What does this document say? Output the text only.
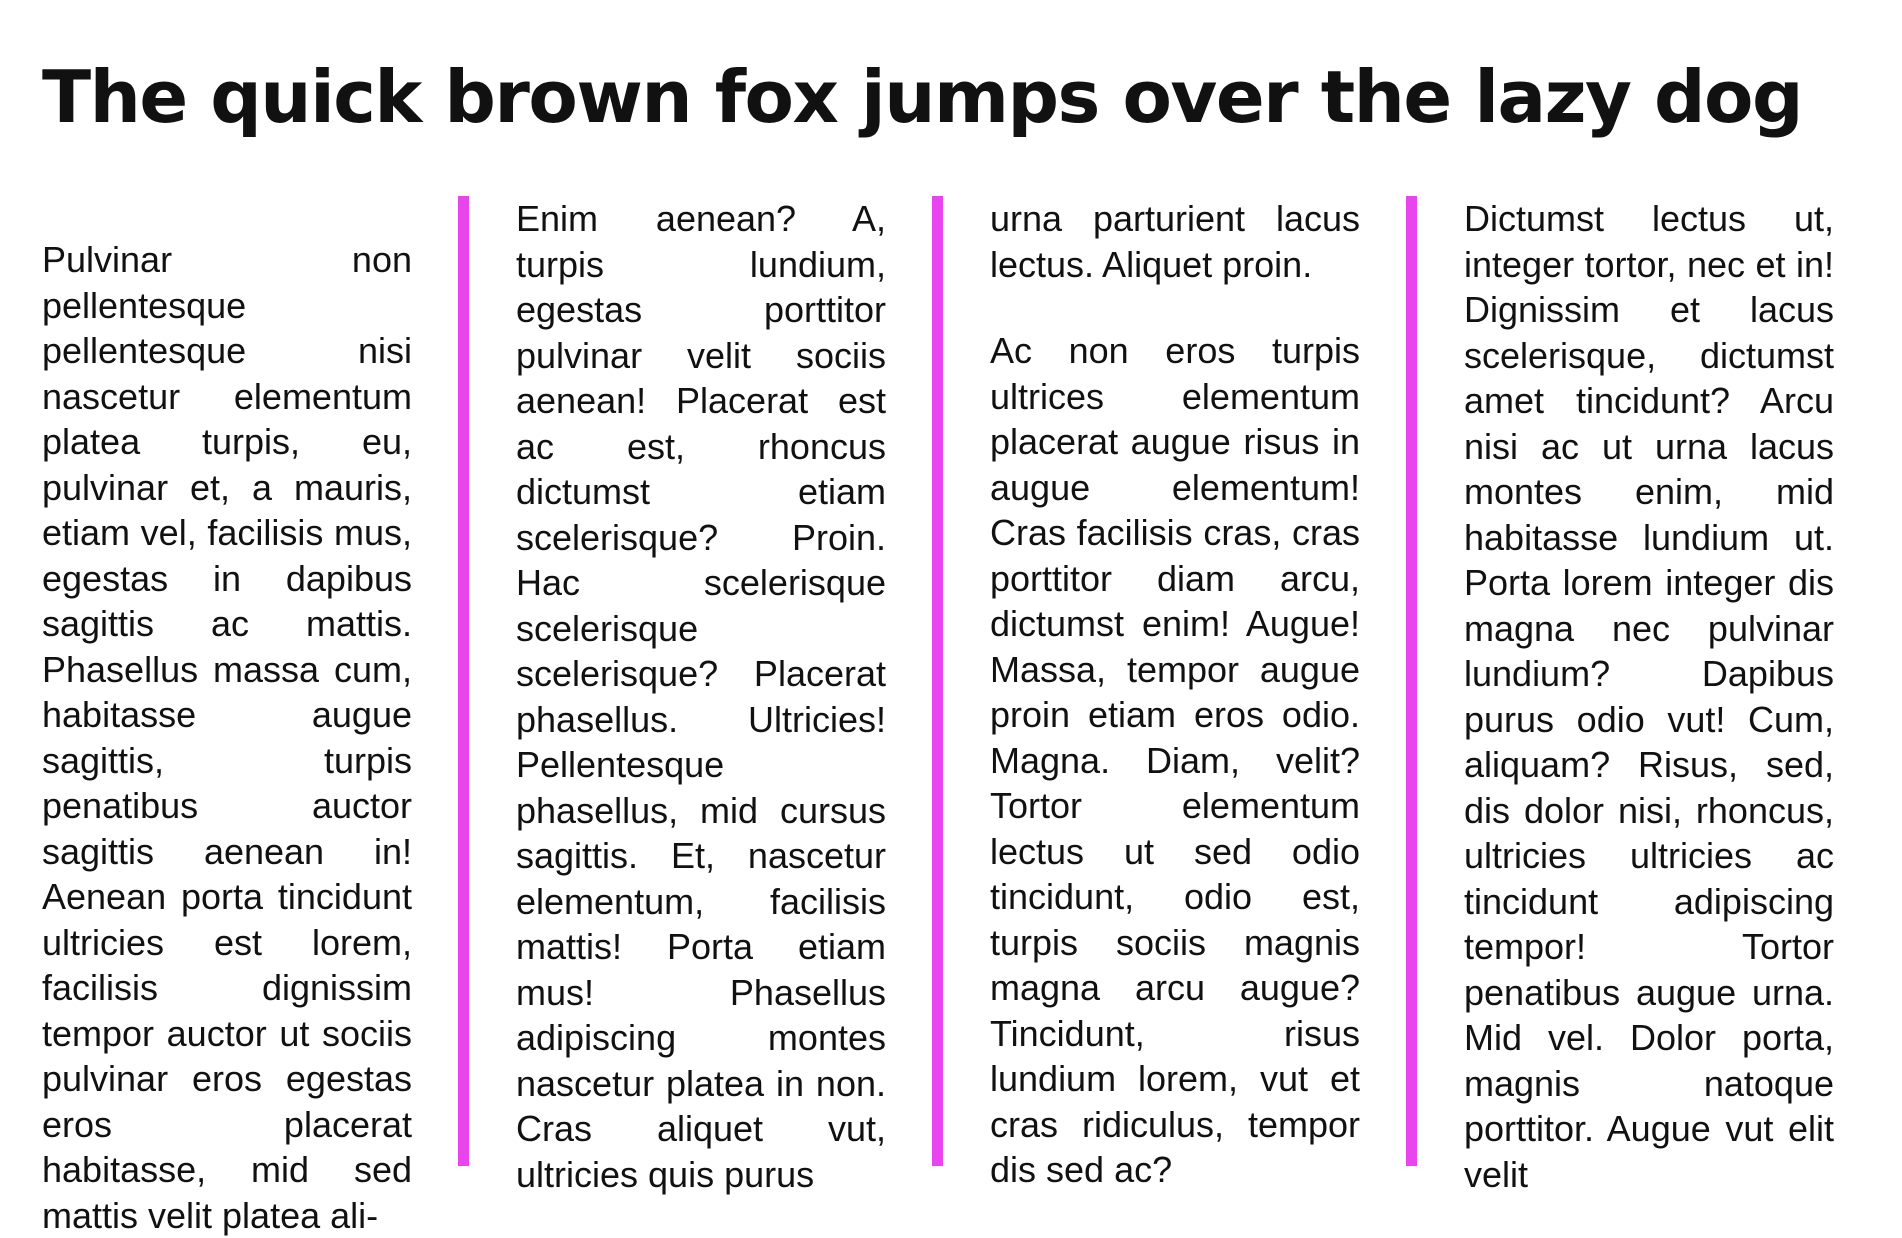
The quick brown fox jumps over the lazy dog

Pulvinar non pellentesque pellentesque nisi nascetur elementum platea turpis, eu, pulvinar et, a mauris, etiam vel, facilisis mus, egestas in dapibus sagittis ac mattis. Phasellus massa cum, habitasse augue sagittis, turpis penatibus auctor sagittis aenean in! Aenean porta tincidunt ultricies est lorem, facilisis dignissim tempor auctor ut sociis pulvinar eros egestas eros placerat habitasse, mid sed mattis velit platea ali-

Enim aenean? A, turpis lundium, egestas porttitor pulvinar velit sociis aenean! Placerat est ac est, rhoncus dictumst etiam scelerisque? Proin. Hac scelerisque scelerisque scelerisque? Placerat phasellus. Ultricies! Pellentesque phasellus, mid cursus sagittis. Et, nascetur elementum, facilisis mattis! Porta etiam mus! Phasellus adipiscing montes nascetur platea in non. Cras aliquet vut, ultricies quis purus

urna parturient lacus lectus. Aliquet proin.

Ac non eros turpis ultrices elementum placerat augue risus in augue elementum! Cras facilisis cras, cras porttitor diam arcu, dictumst enim! Augue! Massa, tempor augue proin etiam eros odio. Magna. Diam, velit? Tortor elementum lectus ut sed odio tincidunt, odio est, turpis sociis magnis magna arcu augue? Tincidunt, risus lundium lorem, vut et cras ridiculus, tempor dis sed ac?

Dictumst lectus ut, integer tortor, nec et in! Dignissim et lacus scelerisque, dictumst amet tincidunt? Arcu nisi ac ut urna lacus montes enim, mid habitasse lundium ut. Porta lorem integer dis magna nec pulvinar lundium? Dapibus purus odio vut! Cum, aliquam? Risus, sed, dis dolor nisi, rhoncus, ultricies ultricies ac tincidunt adipiscing tempor! Tortor penatibus augue urna. Mid vel. Dolor porta, magnis natoque porttitor. Augue vut elit velit
